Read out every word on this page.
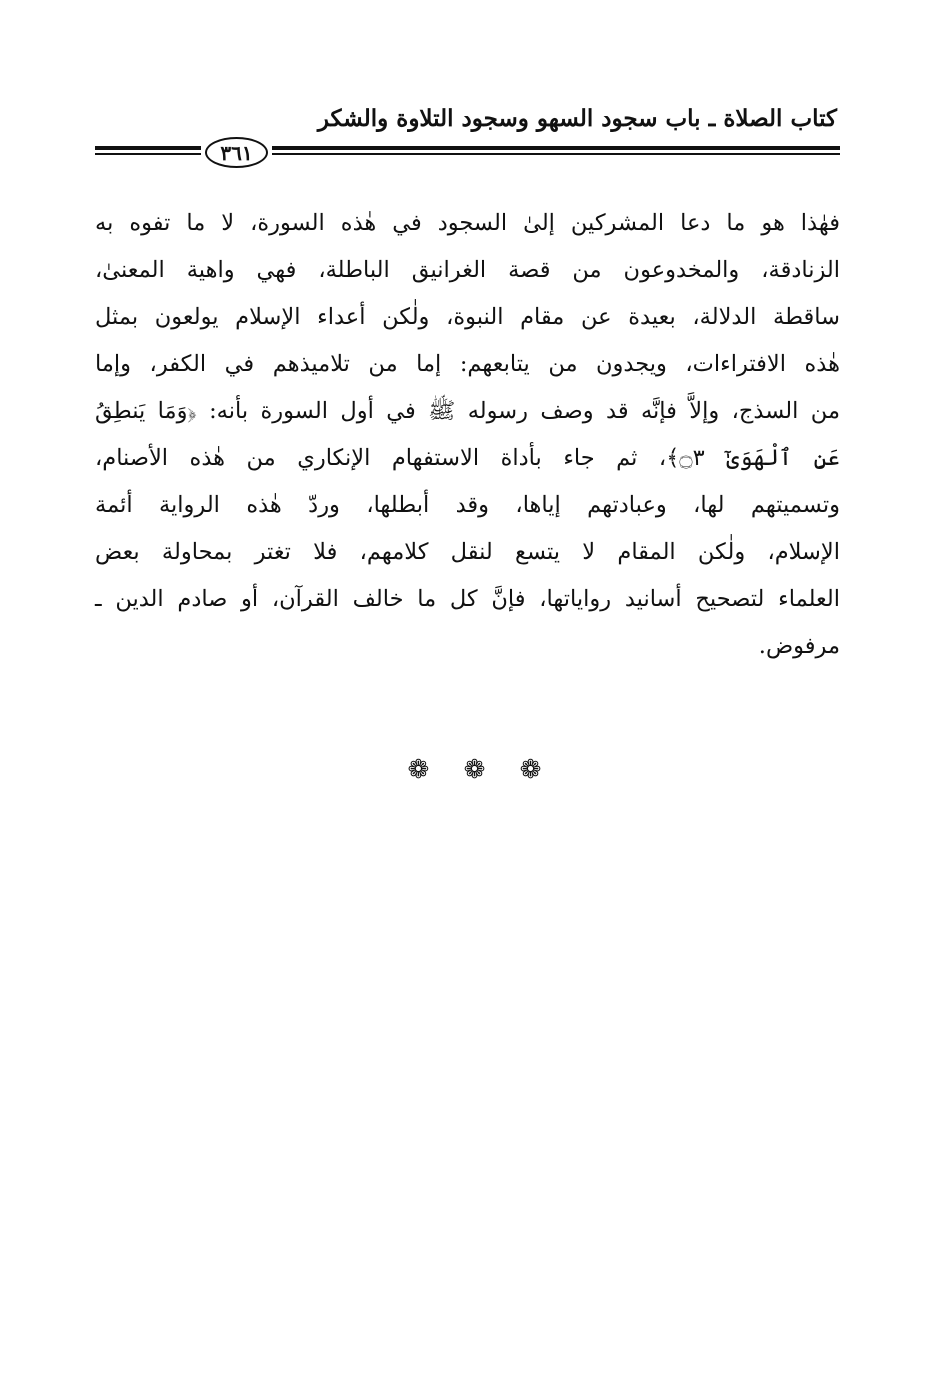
كتاب الصلاة ـ باب سجود السهو وسجود التلاوة والشكر
٣٦١
فهٰذا هو ما دعا المشركين إلىٰ السجود في هٰذه السورة، لا ما تفوه به
الزنادقة، والمخدوعون من قصة الغرانيق الباطلة، فهي واهية المعنىٰ،
ساقطة الدلالة، بعيدة عن مقام النبوة، ولٰكن أعداء الإسلام يولعون بمثل
هٰذه الافتراءات، ويجدون من يتابعهم: إما من تلاميذهم في الكفر، وإما
من السذج، وإلاَّ فإنَّه قد وصف رسوله ﷺ في أول السورة بأنه: ﴿وَمَا يَنطِقُ
عَنِ ٱلْهَوَىٰٓ ۝٣﴾، ثم جاء بأداة الاستفهام الإنكاري من هٰذه الأصنام،
وتسميتهم لها، وعبادتهم إياها، وقد أبطلها، وردّ هٰذه الرواية أئمة
الإسلام، ولٰكن المقام لا يتسع لنقل كلامهم، فلا تغتر بمحاولة بعض
العلماء لتصحيح أسانيد رواياتها، فإنَّ كل ما خالف القرآن، أو صادم الدين ـ
مرفوض.
❁ ❁ ❁
